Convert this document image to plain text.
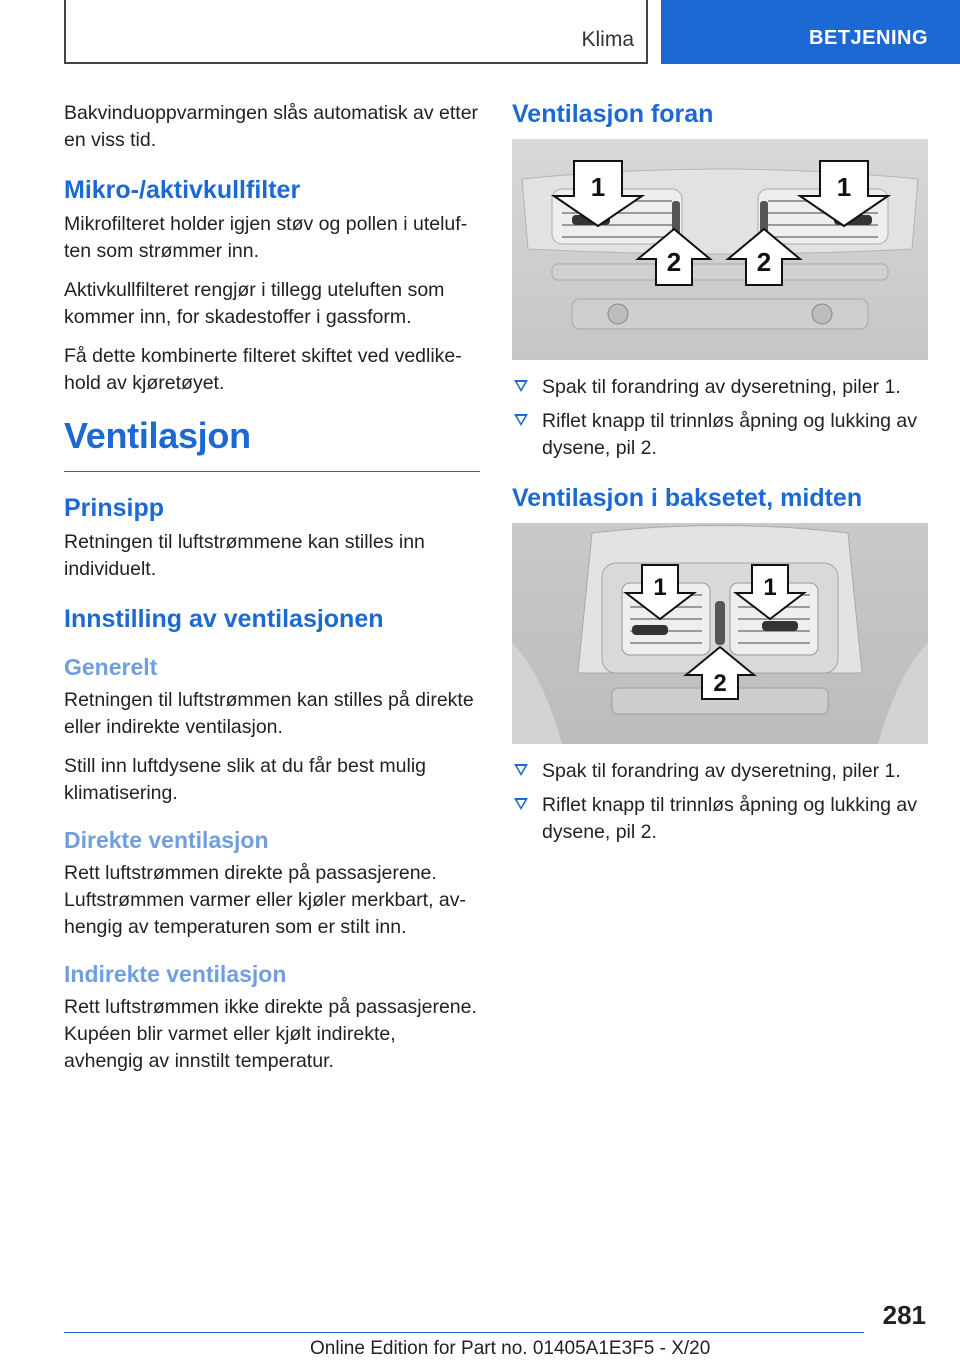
Klima	BETJENING

Bakvinduoppvarmingen slås automatisk av etter en viss tid.

Mikro-/aktivkullfilter

Mikrofilteret holder igjen støv og pollen i uteluften som strømmer inn.

Aktivkullfilteret rengjør i tillegg uteluften som kommer inn, for skadestoffer i gassform.

Få dette kombinerte filteret skiftet ved vedlikehold av kjøretøyet.

Ventilasjon
Prinsipp

Retningen til luftstrømmene kan stilles inn individuelt.

Innstilling av ventilasjonen
Generelt

Retningen til luftstrømmen kan stilles på direkte eller indirekte ventilasjon.

Still inn luftdysene slik at du får best mulig klimatisering.

Direkte ventilasjon

Rett luftstrømmen direkte på passasjerene. Luftstrømmen varmer eller kjøler merkbart, avhengig av temperaturen som er stilt inn.

Indirekte ventilasjon

Rett luftstrømmen ikke direkte på passasjerene. Kupéen blir varmet eller kjølt indirekte, avhengig av innstilt temperatur.

Ventilasjon foran
1	1
2	2
Spak til forandring av dyseretning, piler 1.
Riflet knapp til trinnløs åpning og lukking av dysene, pil 2.
Ventilasjon i baksetet, midten
1	1
2
Spak til forandring av dyseretning, piler 1.
Riflet knapp til trinnløs åpning og lukking av dysene, pil 2.
281
Online Edition for Part no. 01405A1E3F5 - X/20
